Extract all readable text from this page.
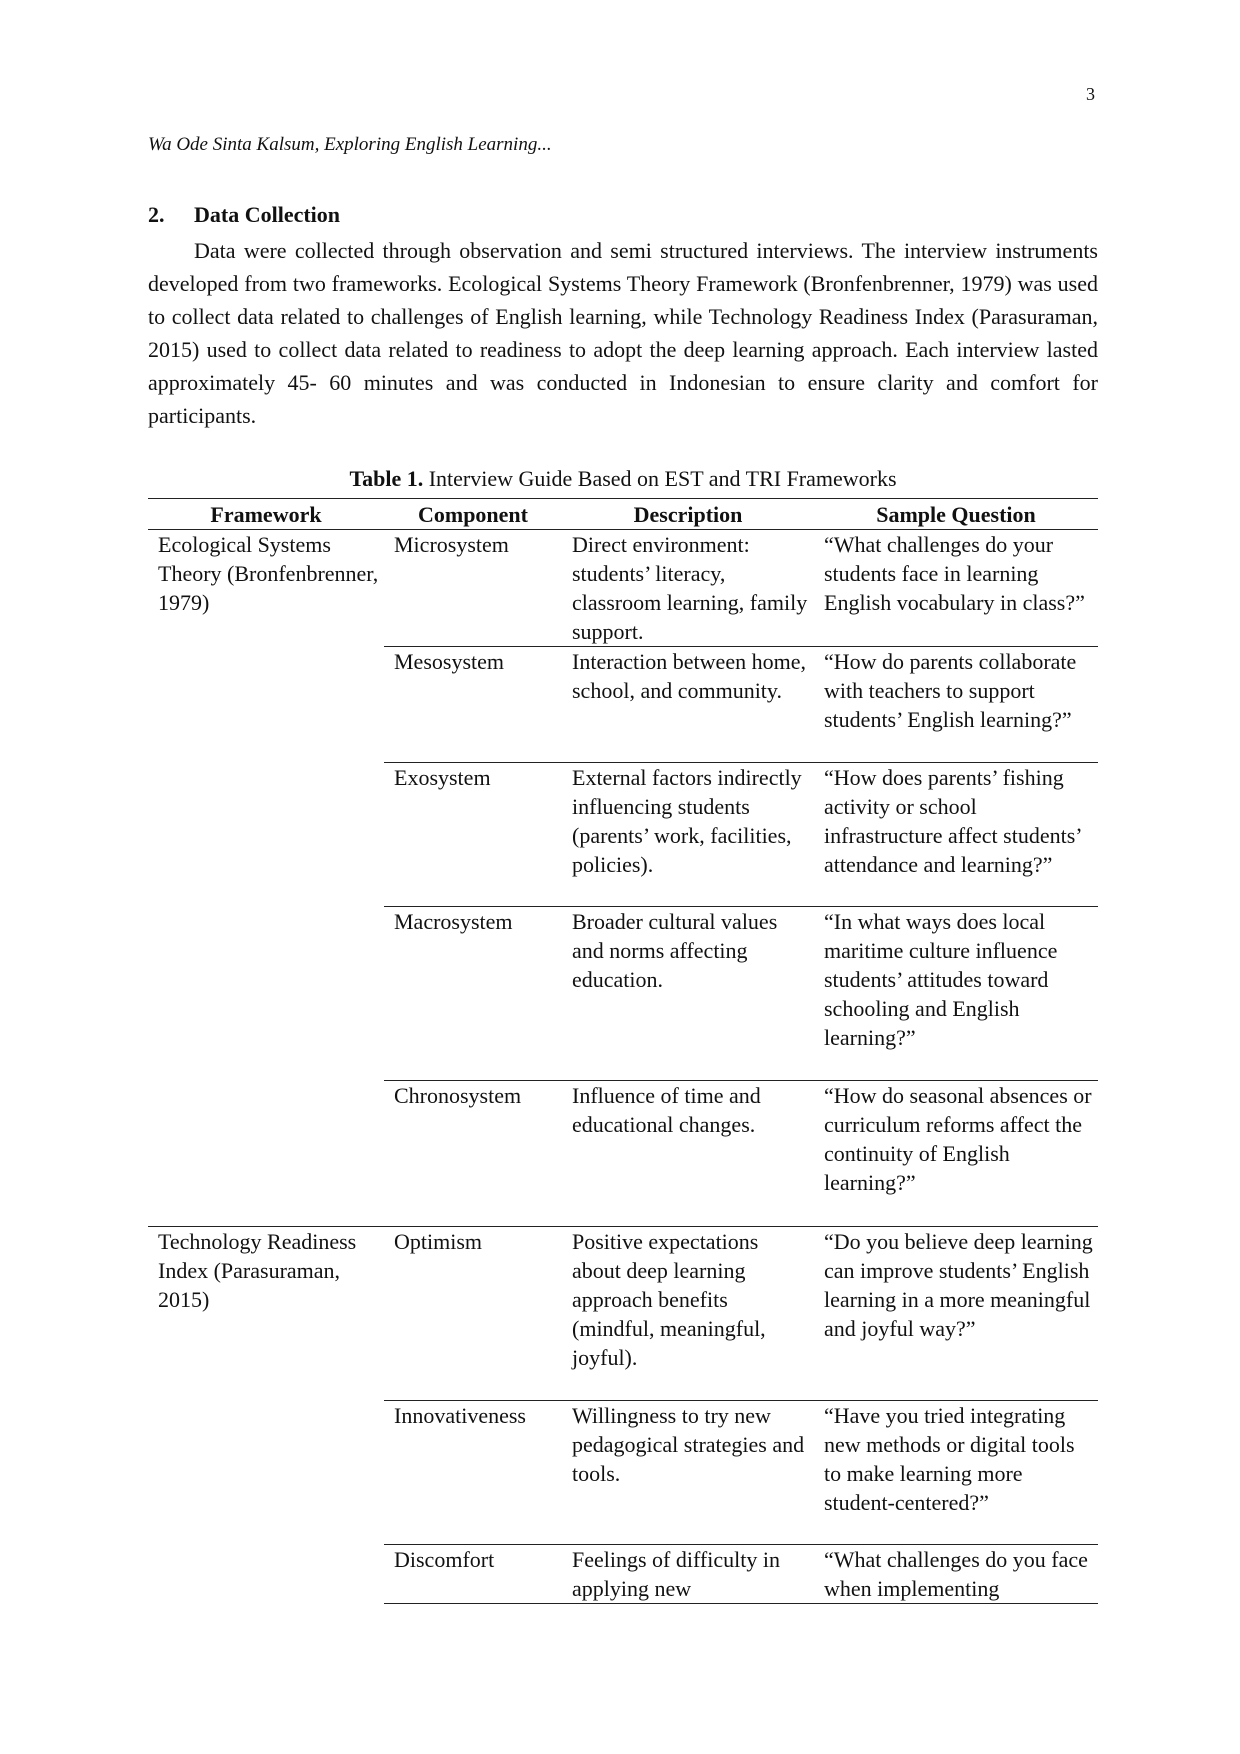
3
Wa Ode Sinta Kalsum, Exploring English Learning...
2. Data Collection

Data were collected through observation and semi structured interviews. The interview instruments developed from two frameworks. Ecological Systems Theory Framework (Bronfenbrenner, 1979) was used to collect data related to challenges of English learning, while Technology Readiness Index (Parasuraman, 2015) used to collect data related to readiness to adopt the deep learning approach. Each interview lasted approximately 45- 60 minutes and was conducted in Indonesian to ensure clarity and comfort for participants.

Table 1. Interview Guide Based on EST and TRI Frameworks
Framework	Component	Description	Sample Question
Ecological Systems Theory (Bronfenbrenner, 1979)	Microsystem	Direct environment: students’ literacy, classroom learning, family support.	“What challenges do your students face in learning English vocabulary in class?”
	Mesosystem	Interaction between home, school, and community.	“How do parents collaborate with teachers to support students’ English learning?”
	Exosystem	External factors indirectly influencing students (parents’ work, facilities, policies).	“How does parents’ fishing activity or school infrastructure affect students’ attendance and learning?”
	Macrosystem	Broader cultural values and norms affecting education.	“In what ways does local maritime culture influence students’ attitudes toward schooling and English learning?”
	Chronosystem	Influence of time and educational changes.	“How do seasonal absences or curriculum reforms affect the continuity of English learning?”
Technology Readiness Index (Parasuraman, 2015)	Optimism	Positive expectations about deep learning approach benefits (mindful, meaningful, joyful).	“Do you believe deep learning can improve students’ English learning in a more meaningful and joyful way?”
	Innovativeness	Willingness to try new pedagogical strategies and tools.	“Have you tried integrating new methods or digital tools to make learning more student-centered?”
	Discomfort	Feelings of difficulty in applying new	“What challenges do you face when implementing
